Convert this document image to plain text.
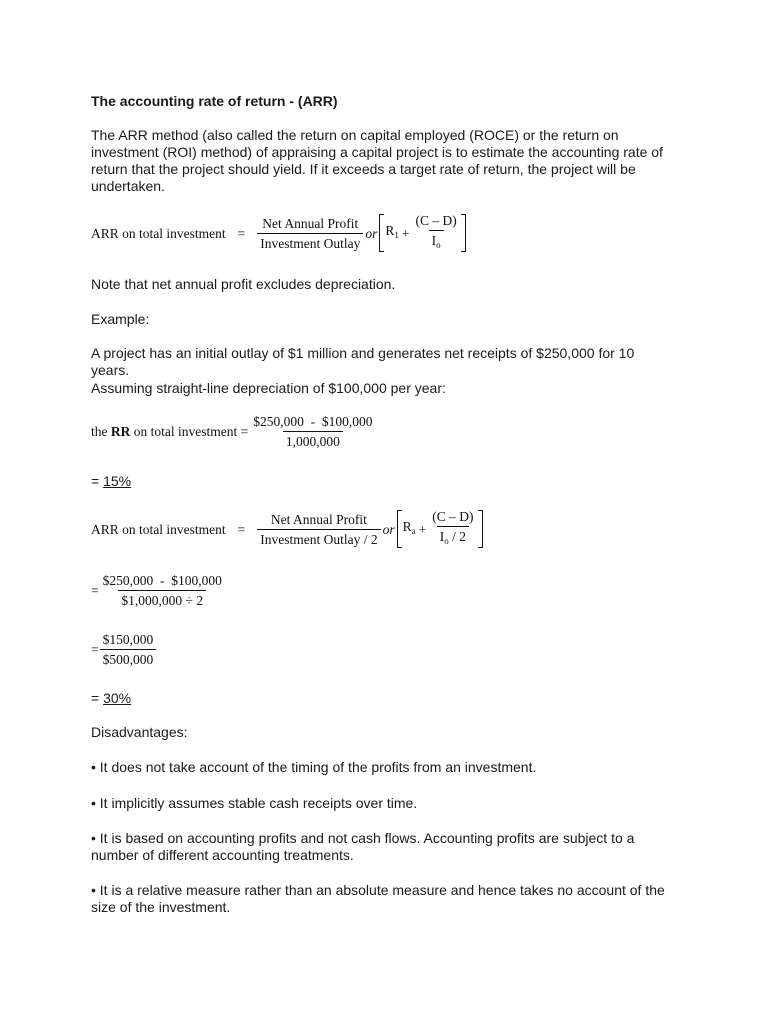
The accounting rate of return - (ARR)

The ARR method (also called the return on capital employed (ROCE) or the return on investment (ROI) method) of appraising a capital project is to estimate the accounting rate of return that the project should yield. If it exceeds a target rate of return, the project will be undertaken.

ARR on total investment = $\frac{\text{Net Annual Profit}}{\text{Investment Outlay}}$ or $R_1 + \frac{(C - D)}{I_o}$

Note that net annual profit excludes depreciation.

Example:

A project has an initial outlay of $1 million and generates net receipts of $250,000 for 10 years.

Assuming straight-line depreciation of $100,000 per year:

the
RR
on total investment = $\frac{\$250,000 - \$100,000}{1,000,000}$

= 15%

ARR on total investment = $\frac{\text{Net Annual Profit}}{\text{Investment Outlay / 2}}$ or $R_a + \frac{(C - D)}{I_o / 2}$
= $\frac{\$250,000 - \$100,000}{\$1,000,000 \div 2}$
= $\frac{\$150,000}{\$500,000}$

= 30%

Disadvantages:

• It does not take account of the timing of the profits from an investment.

• It implicitly assumes stable cash receipts over time.

• It is based on accounting profits and not cash flows. Accounting profits are subject to a number of different accounting treatments.

• It is a relative measure rather than an absolute measure and hence takes no account of the size of the investment.
